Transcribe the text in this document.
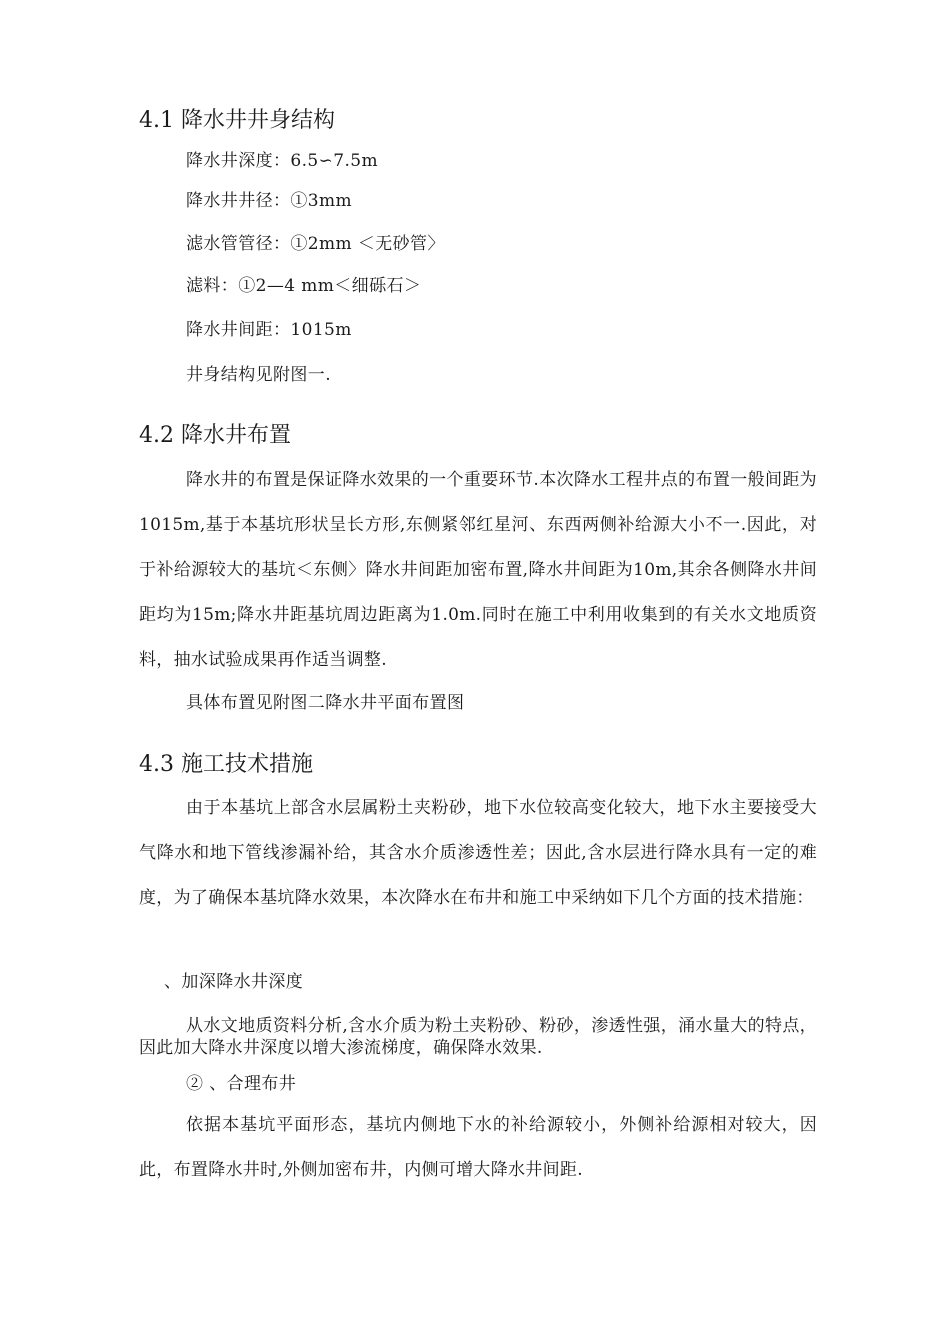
4.1 降水井井身结构
降水井深度：6.5∽7.5m
降水井井径：①3mm
滤水管管径：①2mm ＜无砂管〉
滤料：①2—4 mm＜细砾石＞
降水井间距：1015m
井身结构见附图一.
4.2 降水井布置

降水井的布置是保证降水效果的一个重要环节.本次降水工程井点的布置一般间距为1015m,基于本基坑形状呈长方形,东侧紧邻红星河、东西两侧补给源大小不一.因此，对于补给源较大的基坑＜东侧〉降水井间距加密布置,降水井间距为10m,其余各侧降水井间距均为15m;降水井距基坑周边距离为1.0m.同时在施工中利用收集到的有关水文地质资料，抽水试验成果再作适当调整.

具体布置见附图二降水井平面布置图
4.3 施工技术措施

由于本基坑上部含水层属粉土夹粉砂，地下水位较高变化较大，地下水主要接受大气降水和地下管线渗漏补给，其含水介质渗透性差；因此,含水层进行降水具有一定的难度，为了确保本基坑降水效果，本次降水在布井和施工中采纳如下几个方面的技术措施：

、加深降水井深度

从水文地质资料分析,含水介质为粉土夹粉砂、粉砂，渗透性强，涌水量大的特点，因此加大降水井深度以增大渗流梯度，确保降水效果.

② 、合理布井

依据本基坑平面形态，基坑内侧地下水的补给源较小，外侧补给源相对较大，因此，布置降水井时,外侧加密布井，内侧可增大降水井间距.
